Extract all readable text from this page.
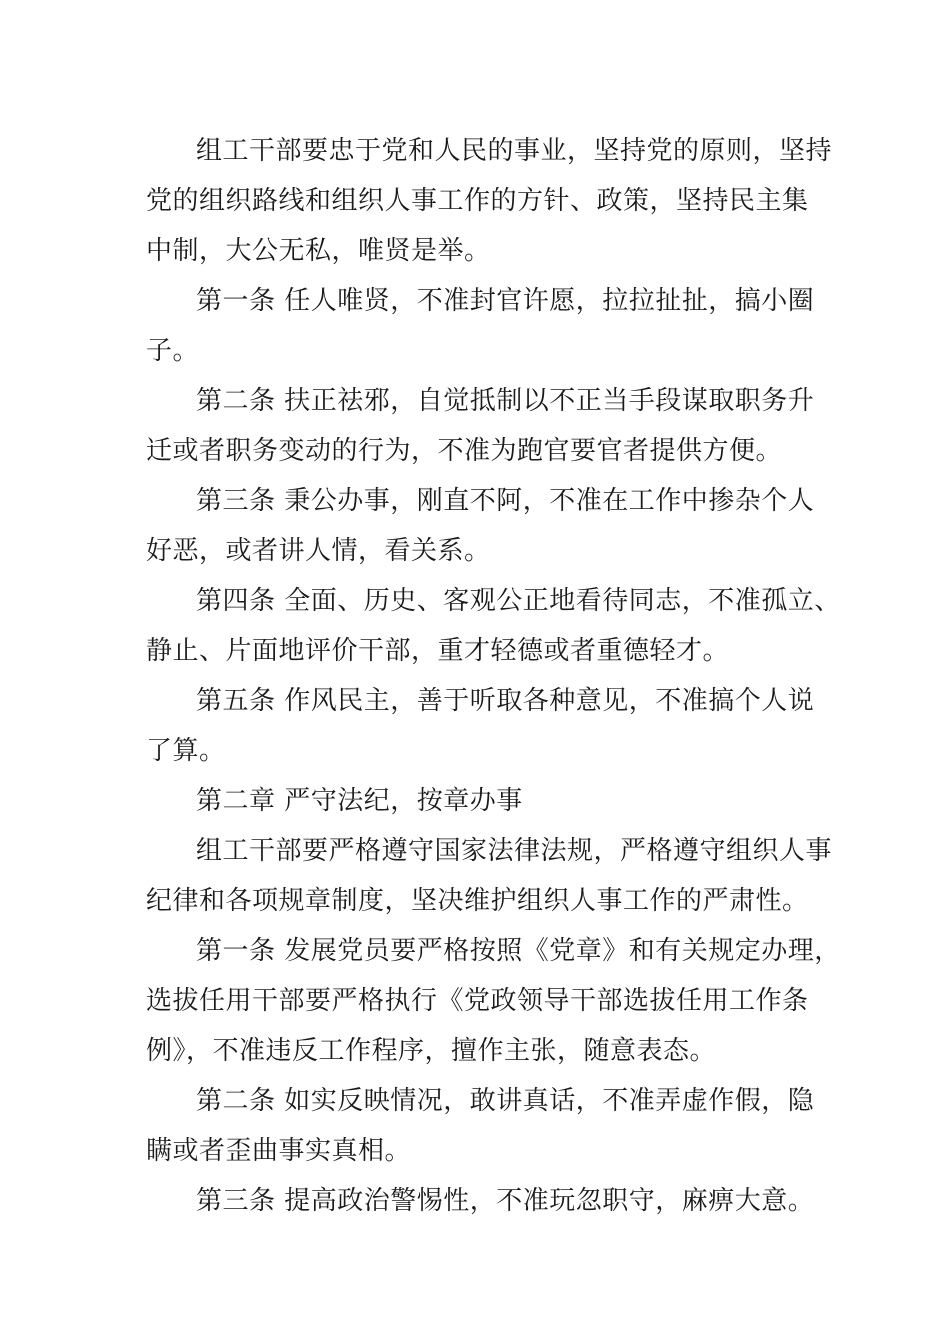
组工干部要忠于党和人民的事业，坚持党的原则，坚持
党的组织路线和组织人事工作的方针、政策，坚持民主集
中制，大公无私，唯贤是举。
第一条 任人唯贤，不准封官许愿，拉拉扯扯，搞小圈
子。
第二条 扶正祛邪，自觉抵制以不正当手段谋取职务升
迁或者职务变动的行为，不准为跑官要官者提供方便。
第三条 秉公办事，刚直不阿，不准在工作中掺杂个人
好恶，或者讲人情，看关系。
第四条 全面、历史、客观公正地看待同志，不准孤立、
静止、片面地评价干部，重才轻德或者重德轻才。
第五条 作风民主，善于听取各种意见，不准搞个人说
了算。
第二章 严守法纪，按章办事
组工干部要严格遵守国家法律法规，严格遵守组织人事
纪律和各项规章制度，坚决维护组织人事工作的严肃性。
第一条 发展党员要严格按照《党章》和有关规定办理，
选拔任用干部要严格执行《党政领导干部选拔任用工作条
例》，不准违反工作程序，擅作主张，随意表态。
第二条 如实反映情况，敢讲真话，不准弄虚作假，隐
瞒或者歪曲事实真相。
第三条 提高政治警惕性，不准玩忽职守，麻痹大意。
